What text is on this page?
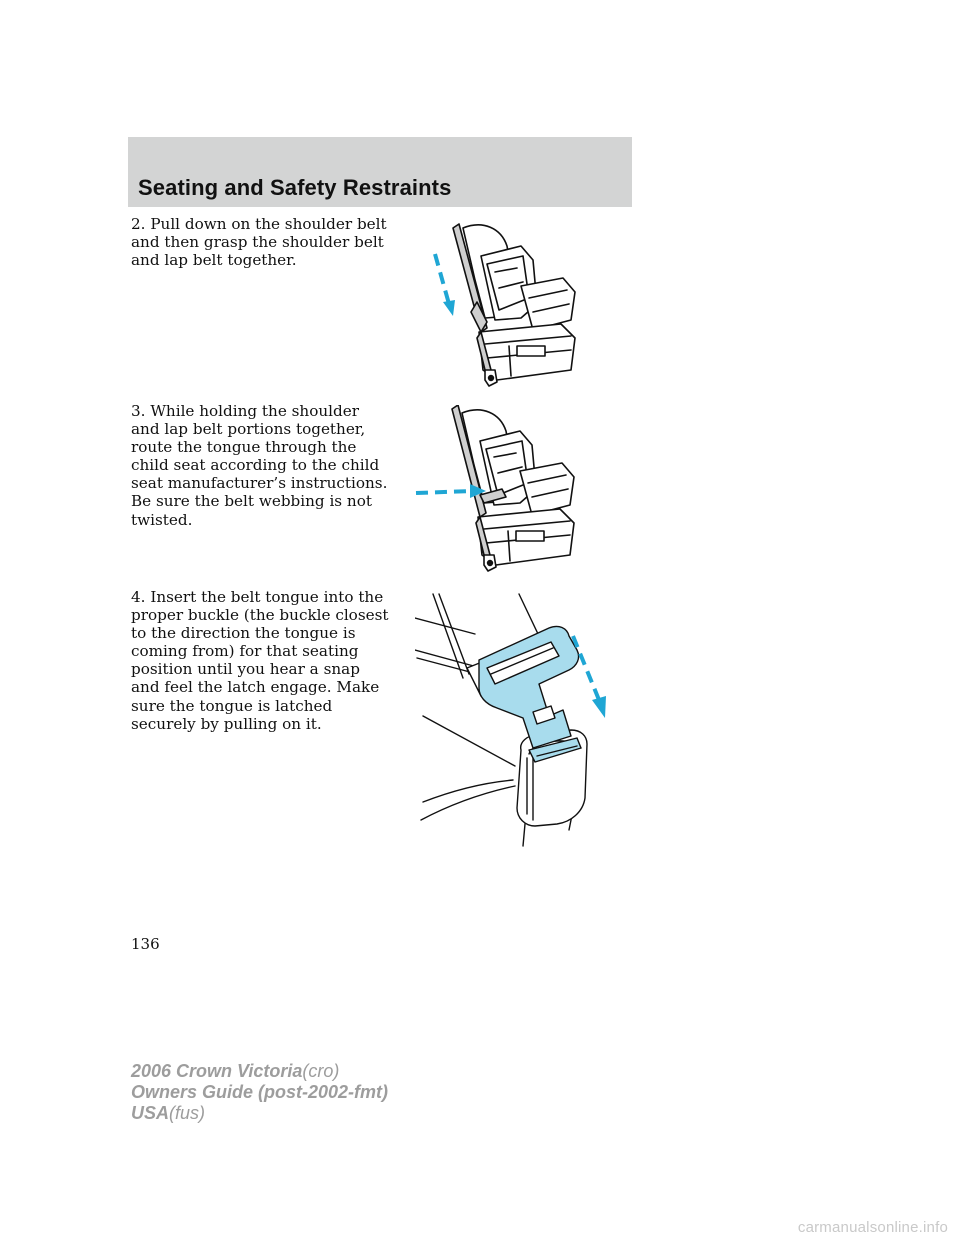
Seating and Safety Restraints

2. Pull down on the shoulder belt and then grasp the shoulder belt and lap belt together.

3. While holding the shoulder and lap belt portions together, route the tongue through the child seat according to the child seat manufacturer’s instructions. Be sure the belt webbing is not twisted.

4. Insert the belt tongue into the proper buckle (the buckle closest to the direction the tongue is coming from) for that seating position until you hear a snap and feel the latch engage. Make sure the tongue is latched securely by pulling on it.

136

2006 Crown Victoria(cro)
Owners Guide (post-2002-fmt)
USA(fus)
carmanualsonline.info
